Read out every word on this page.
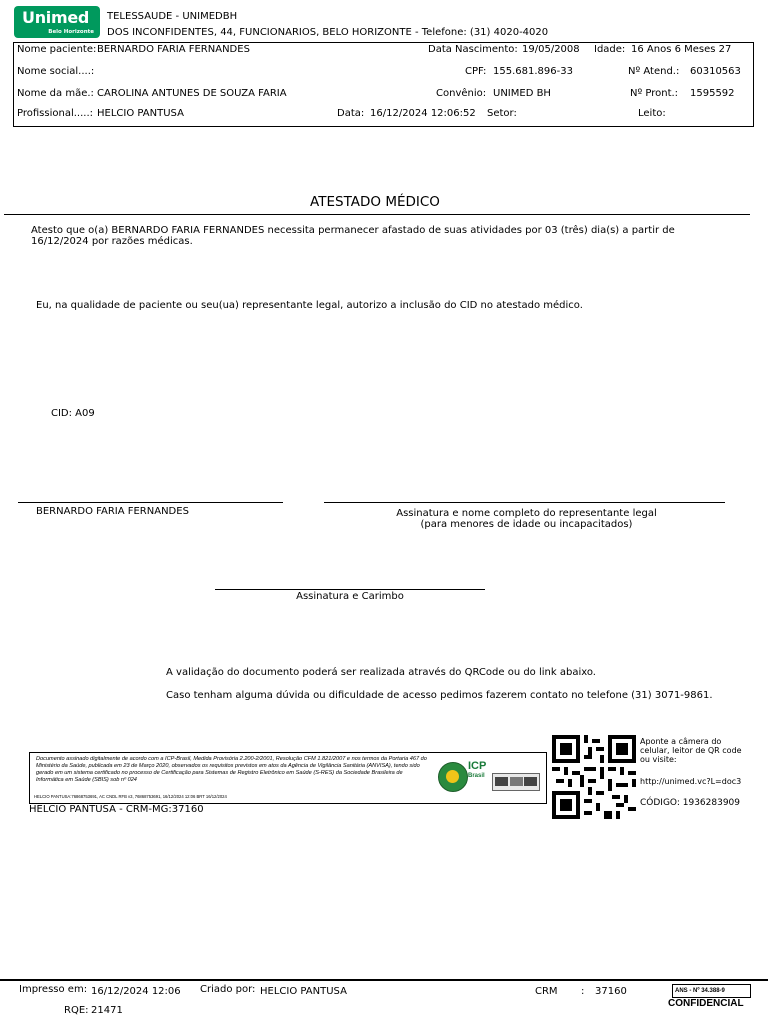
Unimed
Belo Horizonte
TELESSAUDE - UNIMEDBH
DOS INCONFIDENTES, 44, FUNCIONARIOS, BELO HORIZONTE - Telefone: (31) 4020-4020
Nome paciente: BERNARDO FARIA FERNANDES	Data Nascimento: 19/05/2008 Idade: 16 Anos 6 Meses 27
Nome social....:	CPF: 155.681.896-33	Nº Atend.: 60310563
Nome da mãe.: CAROLINA ANTUNES DE SOUZA FARIA	Convênio: UNIMED BH	Nº Pront.: 1595592
Profissional.....: HELCIO PANTUSA	Data: 16/12/2024 12:06:52 Setor:	Leito:
ATESTADO MÉDICO
Atesto que o(a) BERNARDO FARIA FERNANDES necessita permanecer afastado de suas atividades por 03 (três) dia(s) a partir de
16/12/2024 por razões médicas.
Eu, na qualidade de paciente ou seu(ua) representante legal, autorizo a inclusão do CID no atestado médico.
CID: A09
BERNARDO FARIA FERNANDES	Assinatura e nome completo do representante legal
(para menores de idade ou incapacitados)
Assinatura e Carimbo
A validação do documento poderá ser realizada através do QRCode ou do link abaixo.
Caso tenham alguma dúvida ou dificuldade de acesso pedimos fazerem contato no telefone (31) 3071-9861.
Documento assinado digitalmente de acordo com a ICP-Brasil, Medida Provisória 2.200-2/2001, Resolução CFM 1.821/2007 e nos termos da Portaria 467 do Ministério da Saúde, publicada em 23 de Março 2020, observados os requisitos previstos em atos da Agência de Vigilância Sanitária (ANVISA), tendo sido gerado em um sistema certificado no processo de Certificação para Sistemas de Registro Eletrônico em Saúde (S-RES) da Sociedade Brasileira de Informática em Saúde (SBIS) sob nº 024
HELCIO PANTUSA:76868753691, AC CNDL RFB v3, 76868753691, 16/12/2024 12:06 BRT 16/12/2024
ICP
Brasil
HELCIO PANTUSA - CRM-MG:37160
Aponte a câmera do
celular, leitor de QR code
ou visite:
http://unimed.vc?L=doc3
CÓDIGO: 1936283909
Impresso em: 16/12/2024 12:06 Criado por: HELCIO PANTUSA	CRM : 37160
RQE: 21471
ANS - Nº 34.388-9
CONFIDENCIAL
